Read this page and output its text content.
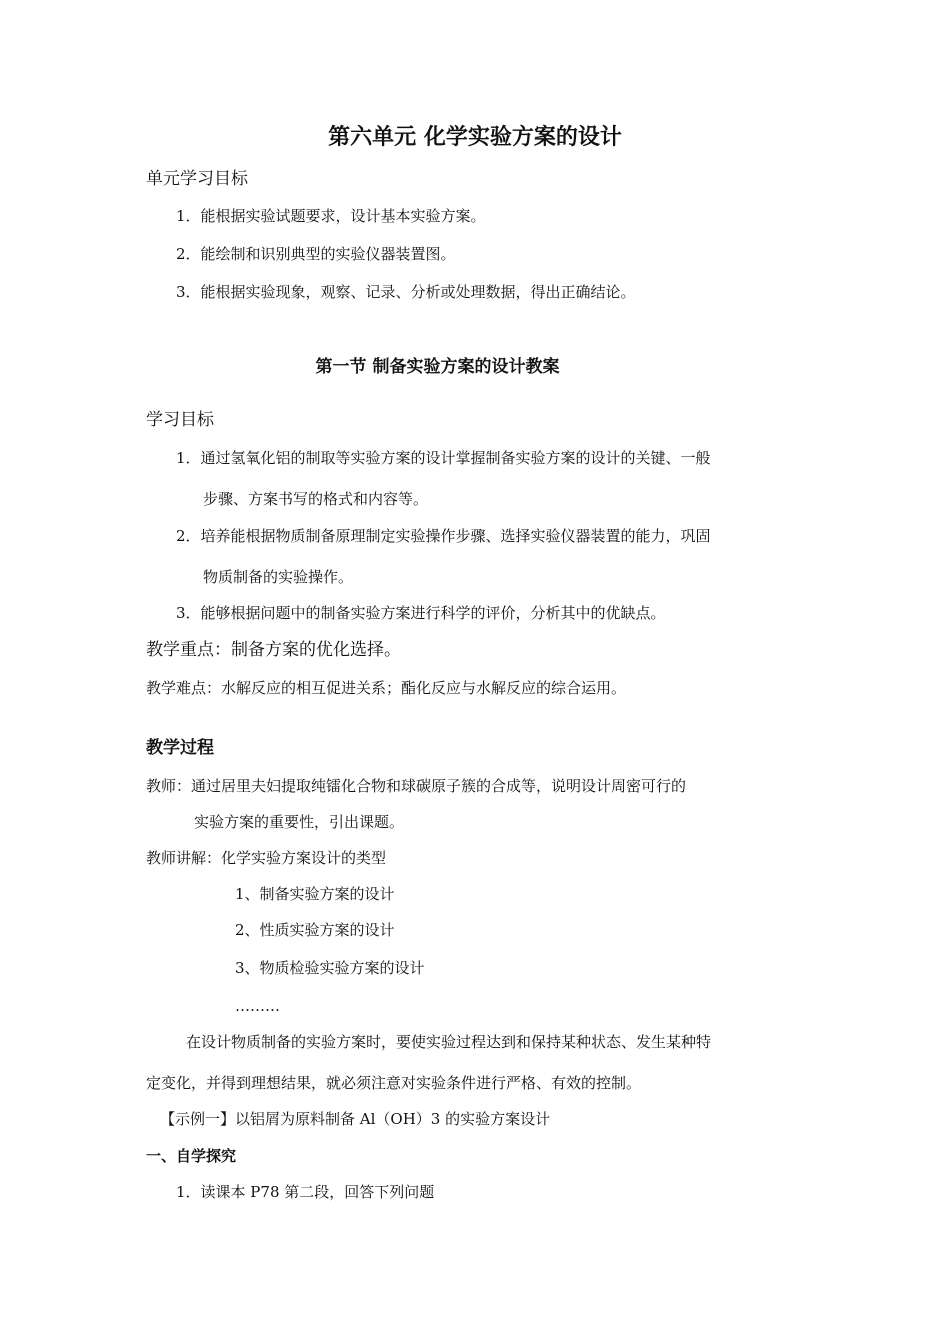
第六单元 化学实验方案的设计
单元学习目标
1．能根据实验试题要求，设计基本实验方案。
2．能绘制和识别典型的实验仪器装置图。
3．能根据实验现象，观察、记录、分析或处理数据，得出正确结论。
第一节 制备实验方案的设计教案
学习目标
1．通过氢氧化铝的制取等实验方案的设计掌握制备实验方案的设计的关键、一般
步骤、方案书写的格式和内容等。
2．培养能根据物质制备原理制定实验操作步骤、选择实验仪器装置的能力，巩固
物质制备的实验操作。
3．能够根据问题中的制备实验方案进行科学的评价，分析其中的优缺点。
教学重点：制备方案的优化选择。
教学难点：水解反应的相互促进关系；酯化反应与水解反应的综合运用。
教学过程
教师：通过居里夫妇提取纯镭化合物和球碳原子簇的合成等，说明设计周密可行的
实验方案的重要性，引出课题。
教师讲解：化学实验方案设计的类型
1、制备实验方案的设计
2、性质实验方案的设计
3、物质检验实验方案的设计
………
在设计物质制备的实验方案时，要使实验过程达到和保持某种状态、发生某种特
定变化，并得到理想结果，就必须注意对实验条件进行严格、有效的控制。
【示例一】以铝屑为原料制备 Al（OH）3 的实验方案设计
一、自学探究
1．读课本 P78 第二段，回答下列问题
